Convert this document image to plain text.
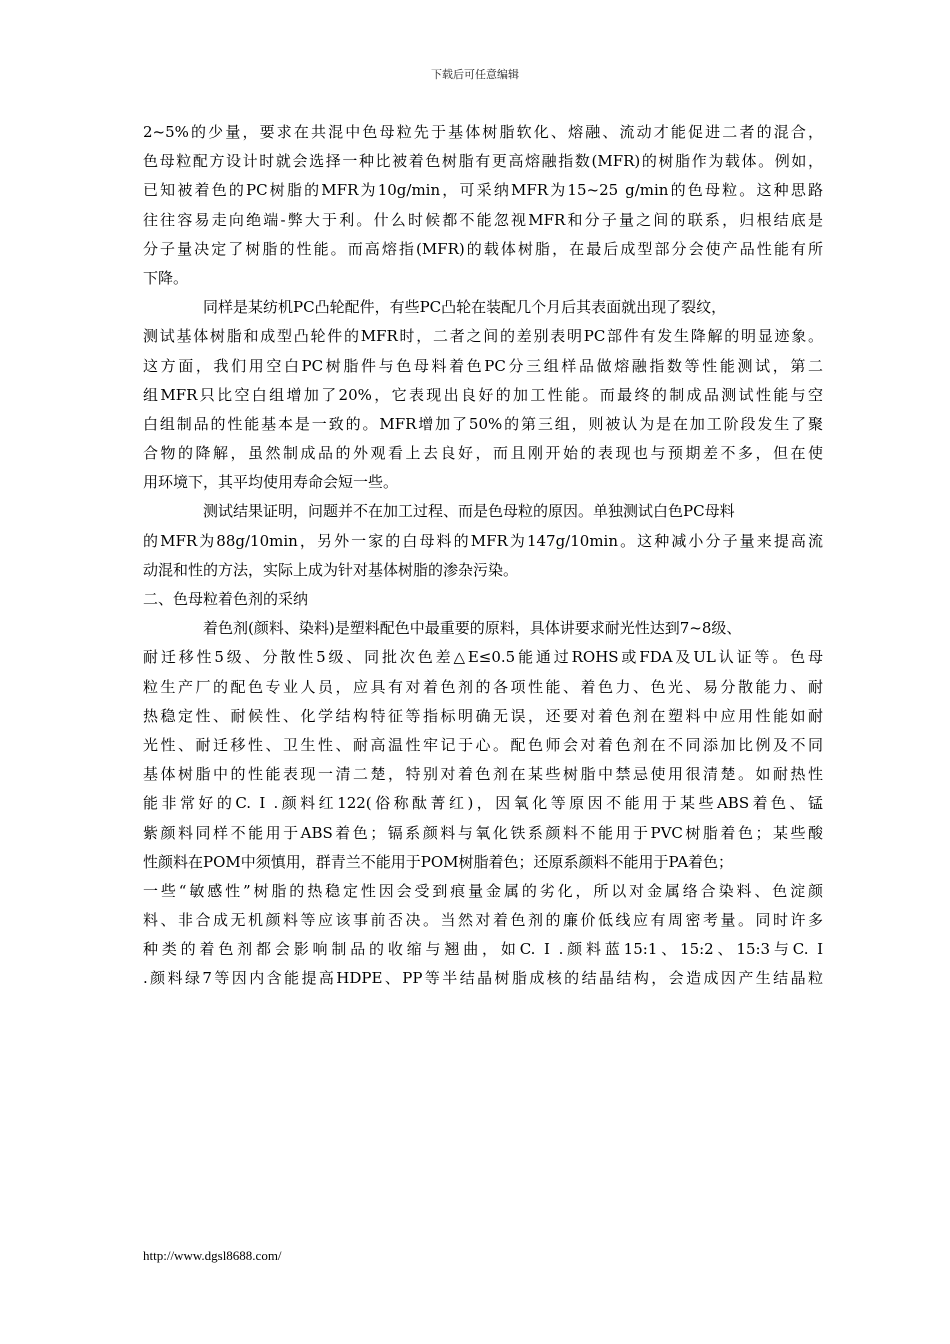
下载后可任意编辑
2~5%的少量，要求在共混中色母粒先于基体树脂软化、熔融、流动才能促进二者的混合，
色母粒配方设计时就会选择一种比被着色树脂有更高熔融指数(MFR)的树脂作为载体。例如，
已知被着色的PC树脂的MFR为10g/min，可采纳MFR为15~25 g/min的色母粒。这种思路
往往容易走向绝端-弊大于利。什么时候都不能忽视MFR和分子量之间的联系，归根结底是
分子量决定了树脂的性能。而高熔指(MFR)的载体树脂，在最后成型部分会使产品性能有所
下降。
同样是某纺机PC凸轮配件，有些PC凸轮在装配几个月后其表面就出现了裂纹，
测试基体树脂和成型凸轮件的MFR时，二者之间的差别表明PC部件有发生降解的明显迹象。
这方面，我们用空白PC树脂件与色母料着色PC分三组样品做熔融指数等性能测试，第二
组MFR只比空白组增加了20%，它表现出良好的加工性能。而最终的制成品测试性能与空
白组制品的性能基本是一致的。MFR增加了50%的第三组，则被认为是在加工阶段发生了聚
合物的降解，虽然制成品的外观看上去良好，而且刚开始的表现也与预期差不多，但在使
用环境下，其平均使用寿命会短一些。
测试结果证明，问题并不在加工过程、而是色母粒的原因。单独测试白色PC母料
的MFR为88g/10min，另外一家的白母料的MFR为147g/10min。这种减小分子量来提高流
动混和性的方法，实际上成为针对基体树脂的渗杂污染。
二、色母粒着色剂的采纳
着色剂(颜料、染料)是塑料配色中最重要的原料，具体讲要求耐光性达到7~8级、
耐迁移性5级、分散性5级、同批次色差△E≤0.5能通过ROHS或FDA及UL认证等。色母
粒生产厂的配色专业人员，应具有对着色剂的各项性能、着色力、色光、易分散能力、耐
热稳定性、耐候性、化学结构特征等指标明确无误，还要对着色剂在塑料中应用性能如耐
光性、耐迁移性、卫生性、耐高温性牢记于心。配色师会对着色剂在不同添加比例及不同
基体树脂中的性能表现一清二楚，特别对着色剂在某些树脂中禁忌使用很清楚。如耐热性
能非常好的C. I .颜料红122(俗称酞菁红)，因氧化等原因不能用于某些ABS着色、锰
紫颜料同样不能用于ABS着色；镉系颜料与氧化铁系颜料不能用于PVC树脂着色；某些酸
性颜料在POM中须慎用，群青兰不能用于POM树脂着色；还原系颜料不能用于PA着色；
一些“敏感性”树脂的热稳定性因会受到痕量金属的劣化，所以对金属络合染料、色淀颜
料、非合成无机颜料等应该事前否决。当然对着色剂的廉价低线应有周密考量。同时许多
种类的着色剂都会影响制品的收缩与翘曲，如C. I .颜料蓝15:1、15:2、15:3与C. I
.颜料绿7等因内含能提高HDPE、PP等半结晶树脂成核的结晶结构，会造成因产生结晶粒
http://www.dgsl8688.com/
